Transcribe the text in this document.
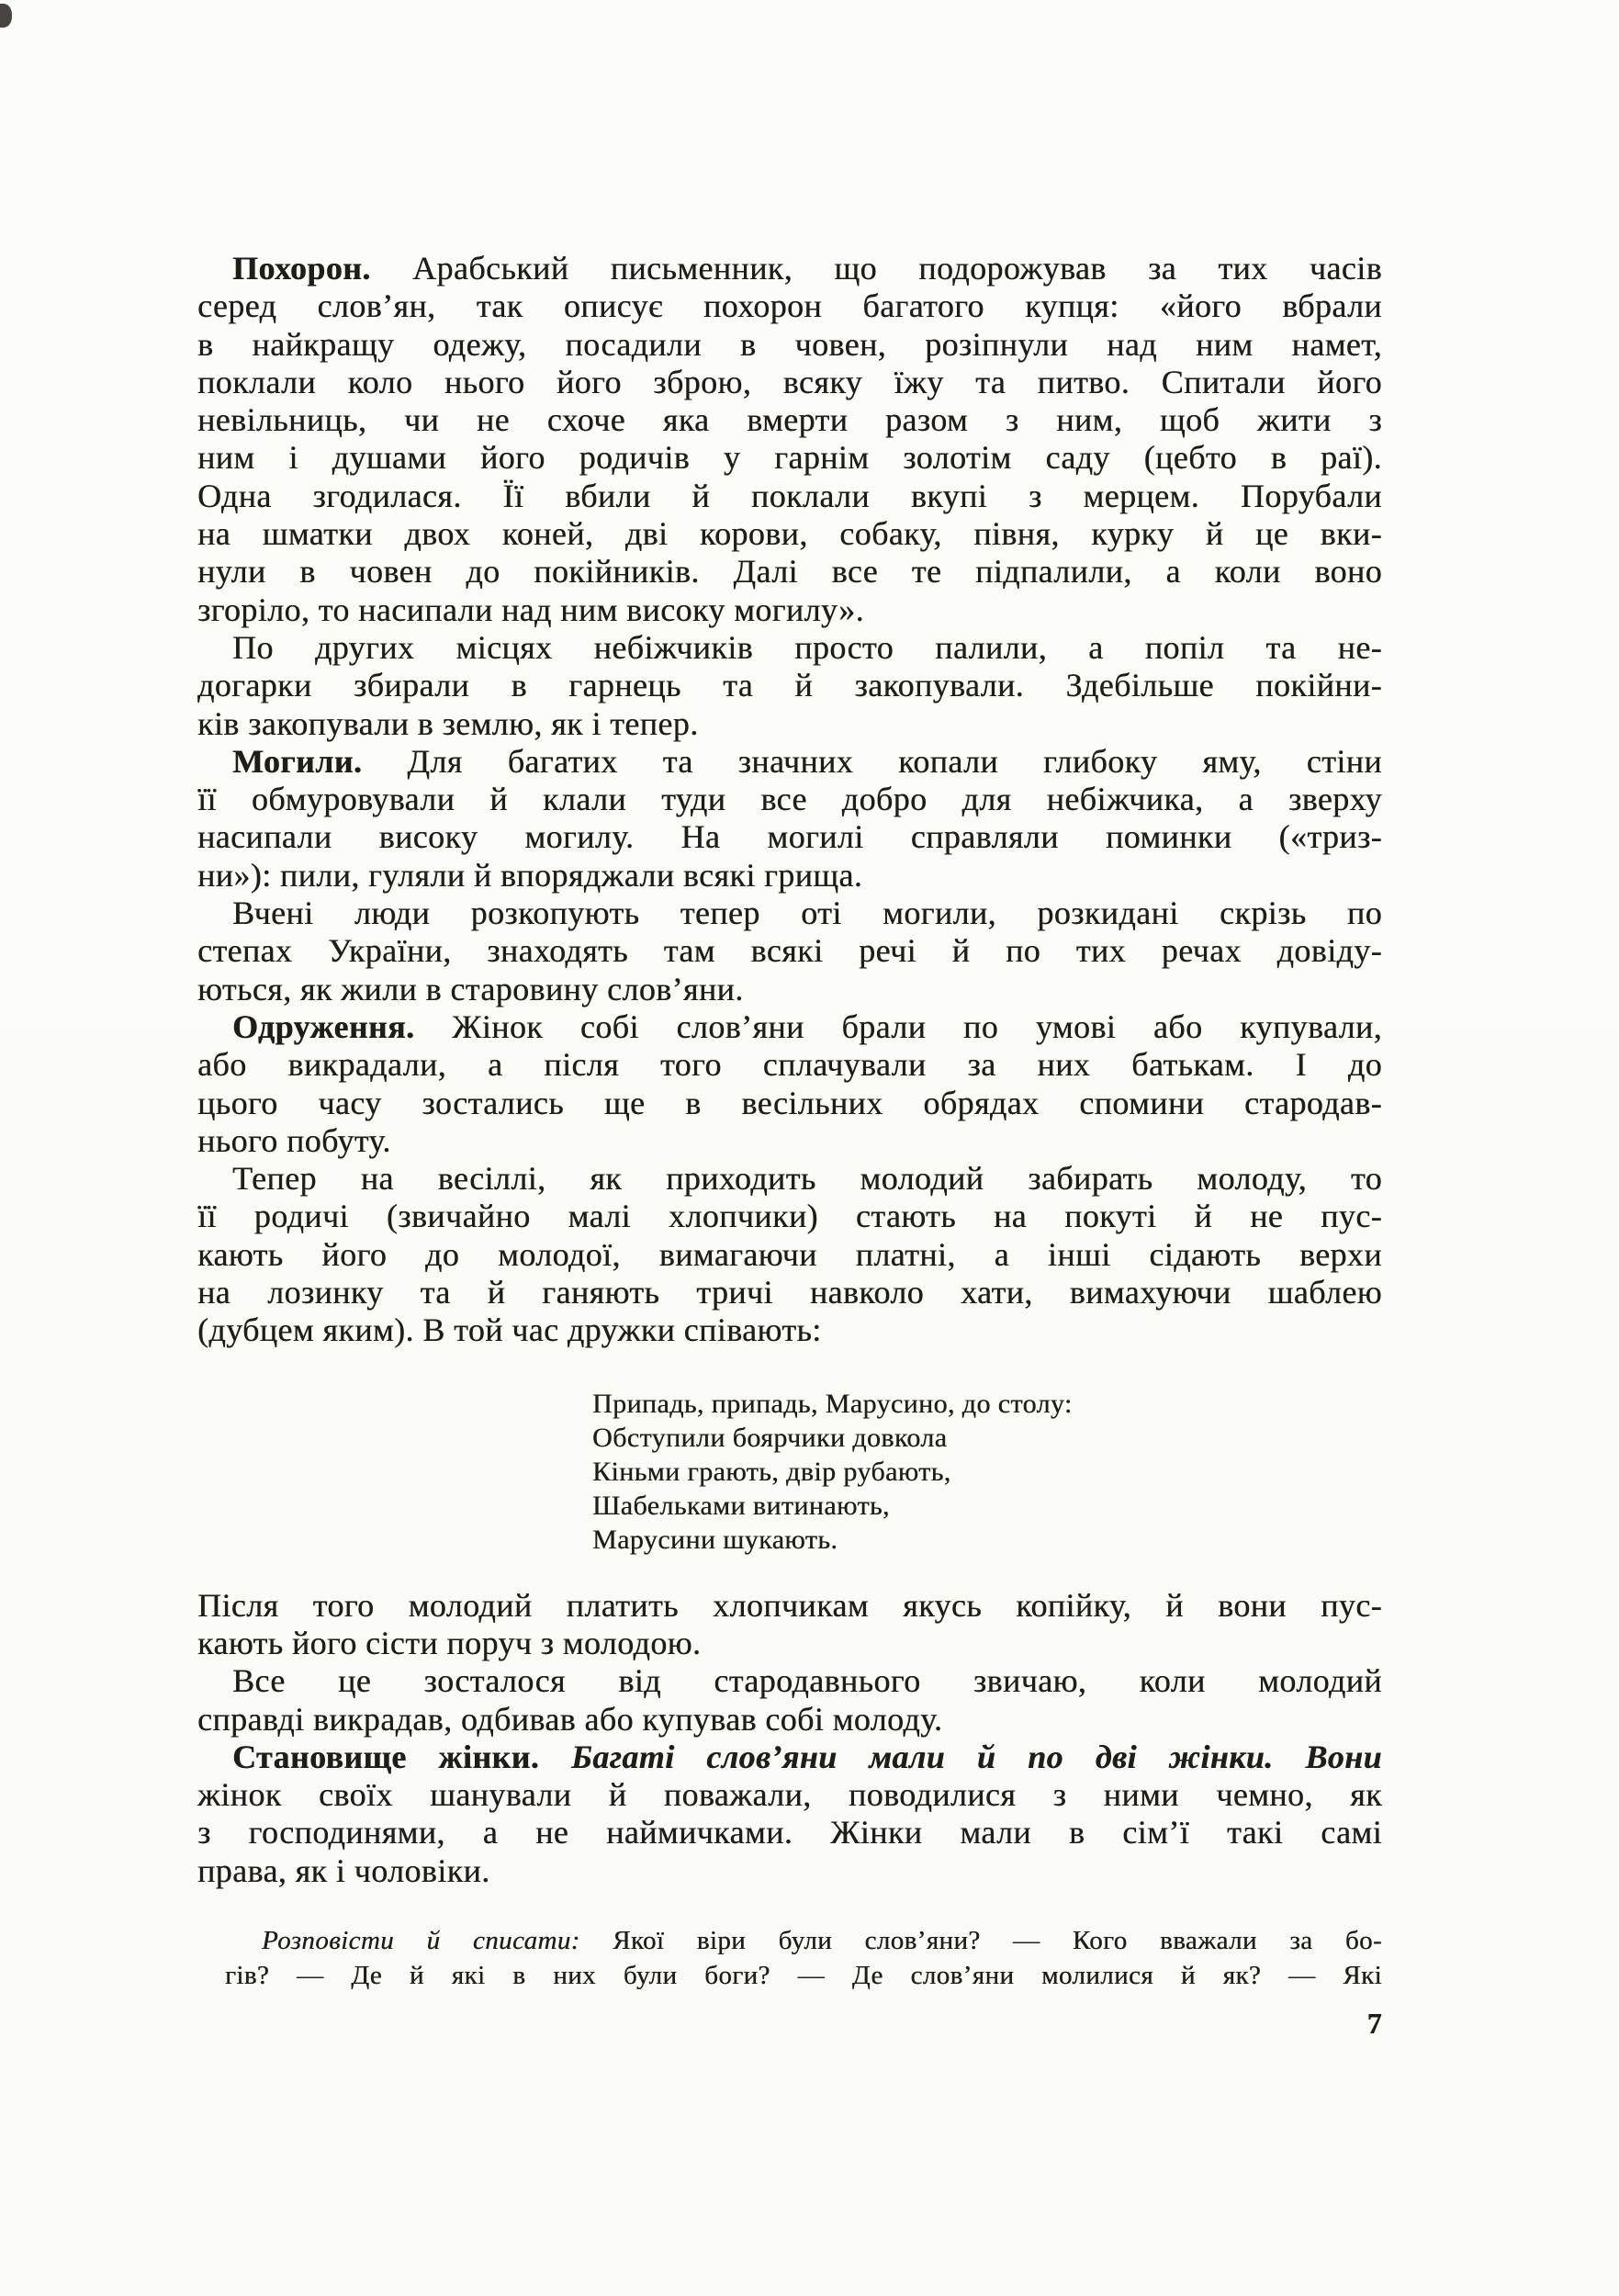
Похорон. Арабський письменник, що подорожував за тих часів
серед слов’ян, так описує похорон багатого купця: «його вбрали
в найкращу одежу, посадили в човен, розіпнули над ним намет,
поклали коло нього його зброю, всяку їжу та питво. Спитали його
невільниць, чи не схоче яка вмерти разом з ним, щоб жити з
ним і душами його родичів у гарнім золотім саду (цебто в раї).
Одна згодилася. Її вбили й поклали вкупі з мерцем. Порубали
на шматки двох коней, дві корови, собаку, півня, курку й це вки-
нули в човен до покійників. Далі все те підпалили, а коли воно
згоріло, то насипали над ним високу могилу».
По других місцях небіжчиків просто палили, а попіл та не-
догарки збирали в гарнець та й закопували. Здебільше покійни-
ків закопували в землю, як і тепер.
Могили. Для багатих та значних копали глибоку яму, стіни
її обмуровували й клали туди все добро для небіжчика, а зверху
насипали високу могилу. На могилі справляли поминки («триз-
ни»): пили, гуляли й впоряджали всякі грища.
Вчені люди розкопують тепер оті могили, розкидані скрізь по
степах України, знаходять там всякі речі й по тих речах довіду-
ються, як жили в старовину слов’яни.
Одруження. Жінок собі слов’яни брали по умові або купували,
або викрадали, а після того сплачували за них батькам. І до
цього часу зостались ще в весільних обрядах спомини стародав-
нього побуту.
Тепер на весіллі, як приходить молодий забирать молоду, то
її родичі (звичайно малі хлопчики) стають на покуті й не пус-
кають його до молодої, вимагаючи платні, а інші сідають верхи
на лозинку та й ганяють тричі навколо хати, вимахуючи шаблею
(дубцем яким). В той час дружки співають:
Припадь, припадь, Марусино, до столу:
Обступили боярчики довкола
Кіньми грають, двір рубають,
Шабельками витинають,
Марусини шукають.
Після того молодий платить хлопчикам якусь копійку, й вони пус-
кають його сісти поруч з молодою.
Все це зосталося від стародавнього звичаю, коли молодий
справді викрадав, одбивав або купував собі молоду.
Становище жінки. Багаті слов’яни мали й по дві жінки. Вони
жінок своїх шанували й поважали, поводилися з ними чемно, як
з господинями, а не наймичками. Жінки мали в сім’ї такі самі
права, як і чоловіки.
Розповісти й списати: Якої віри були слов’яни? — Кого вважали за бо-
гів? — Де й які в них були боги? — Де слов’яни молилися й як? — Які
7
